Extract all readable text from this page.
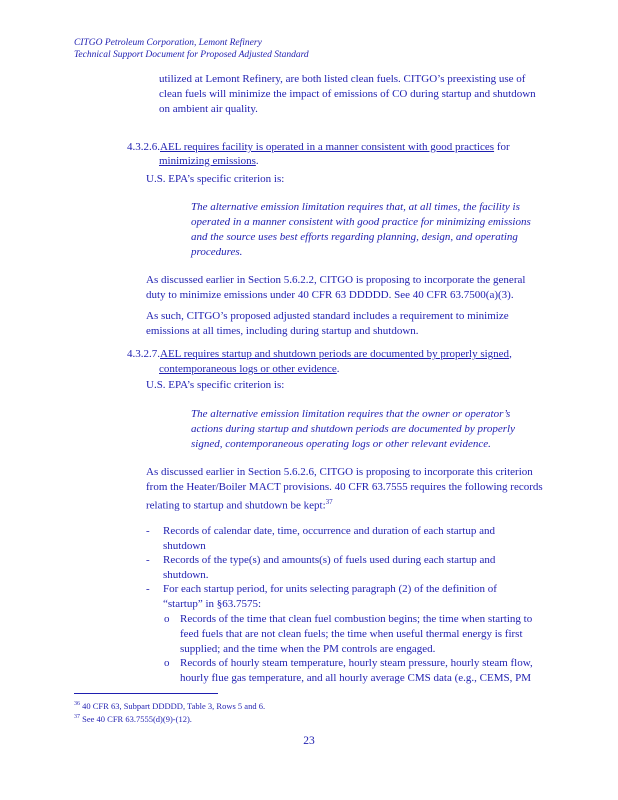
CITGO Petroleum Corporation, Lemont Refinery
Technical Support Document for Proposed Adjusted Standard
utilized at Lemont Refinery, are both listed clean fuels. CITGO’s preexisting use of
clean fuels will minimize the impact of emissions of CO during startup and shutdown
on ambient air quality.
4.3.2.6.AEL requires facility is operated in a manner consistent with good practices for
minimizing emissions.
U.S. EPA’s specific criterion is:
The alternative emission limitation requires that, at all times, the facility is
operated in a manner consistent with good practice for minimizing emissions
and the source uses best efforts regarding planning, design, and operating
procedures.
As discussed earlier in Section 5.6.2.2, CITGO is proposing to incorporate the general
duty to minimize emissions under 40 CFR 63 DDDDD. See 40 CFR 63.7500(a)(3).
As such, CITGO’s proposed adjusted standard includes a requirement to minimize
emissions at all times, including during startup and shutdown.
4.3.2.7.AEL requires startup and shutdown periods are documented by properly signed,
contemporaneous logs or other evidence.
U.S. EPA’s specific criterion is:
The alternative emission limitation requires that the owner or operator’s
actions during startup and shutdown periods are documented by properly
signed, contemporaneous operating logs or other relevant evidence.
As discussed earlier in Section 5.6.2.6, CITGO is proposing to incorporate this criterion
from the Heater/Boiler MACT provisions. 40 CFR 63.7555 requires the following records
relating to startup and shutdown be kept:$^{37}$
-	Records of calendar date, time, occurrence and duration of each startup and
shutdown
-	Records of the type(s) and amounts(s) of fuels used during each startup and
shutdown.
-	For each startup period, for units selecting paragraph (2) of the definition of
“startup” in §63.7575:
o Records of the time that clean fuel combustion begins; the time when starting to
feed fuels that are not clean fuels; the time when useful thermal energy is first
supplied; and the time when the PM controls are engaged.
o Records of hourly steam temperature, hourly steam pressure, hourly steam flow,
hourly flue gas temperature, and all hourly average CMS data (e.g., CEMS, PM
$^{36}$ 40 CFR 63, Subpart DDDDD, Table 3, Rows 5 and 6.
$^{37}$ See 40 CFR 63.7555(d)(9)-(12).
23
